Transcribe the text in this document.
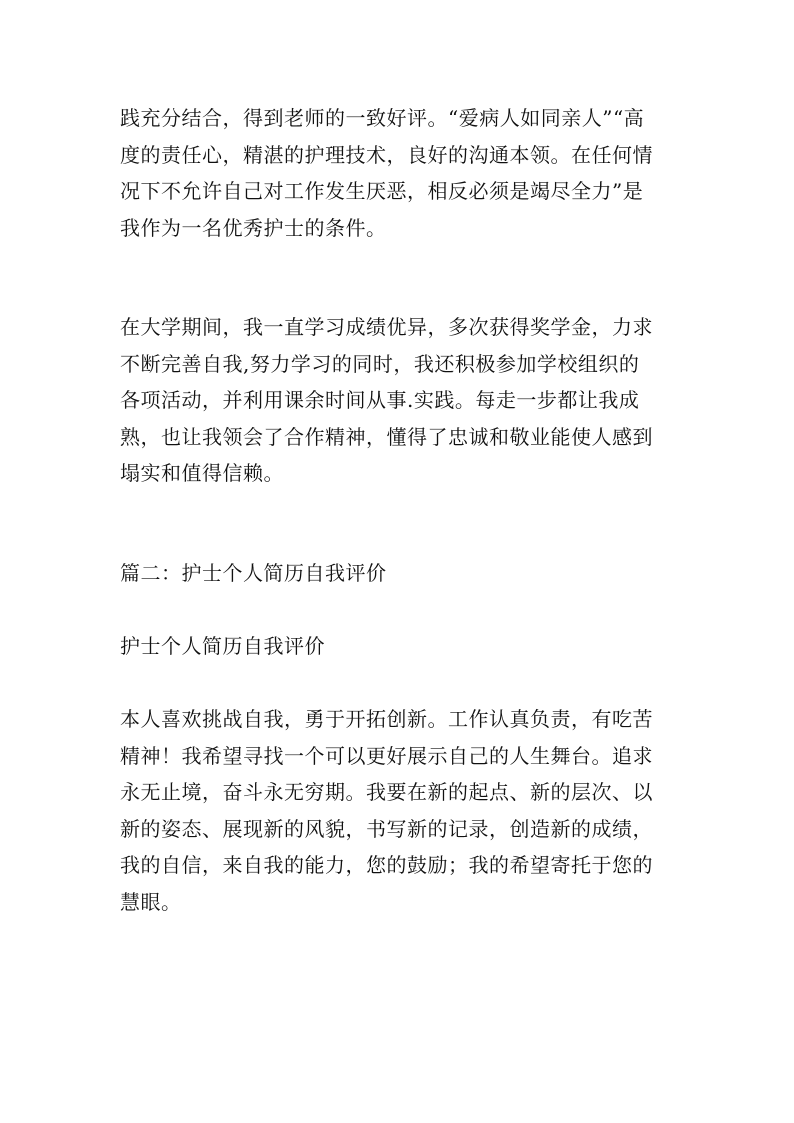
践充分结合，得到老师的一致好评。“爱病人如同亲人”“高
度的责任心，精湛的护理技术，良好的沟通本领。在任何情
况下不允许自己对工作发生厌恶，相反必须是竭尽全力”是
我作为一名优秀护士的条件。

在大学期间，我一直学习成绩优异，多次获得奖学金，力求
不断完善自我,努力学习的同时，我还积极参加学校组织的
各项活动，并利用课余时间从事.实践。每走一步都让我成
熟，也让我领会了合作精神，懂得了忠诚和敬业能使人感到
塌实和值得信赖。

篇二：护士个人简历自我评价

护士个人简历自我评价

本人喜欢挑战自我，勇于开拓创新。工作认真负责，有吃苦
精神！我希望寻找一个可以更好展示自己的人生舞台。追求
永无止境，奋斗永无穷期。我要在新的起点、新的层次、以
新的姿态、展现新的风貌，书写新的记录，创造新的成绩，
我的自信，来自我的能力，您的鼓励；我的希望寄托于您的
慧眼。
